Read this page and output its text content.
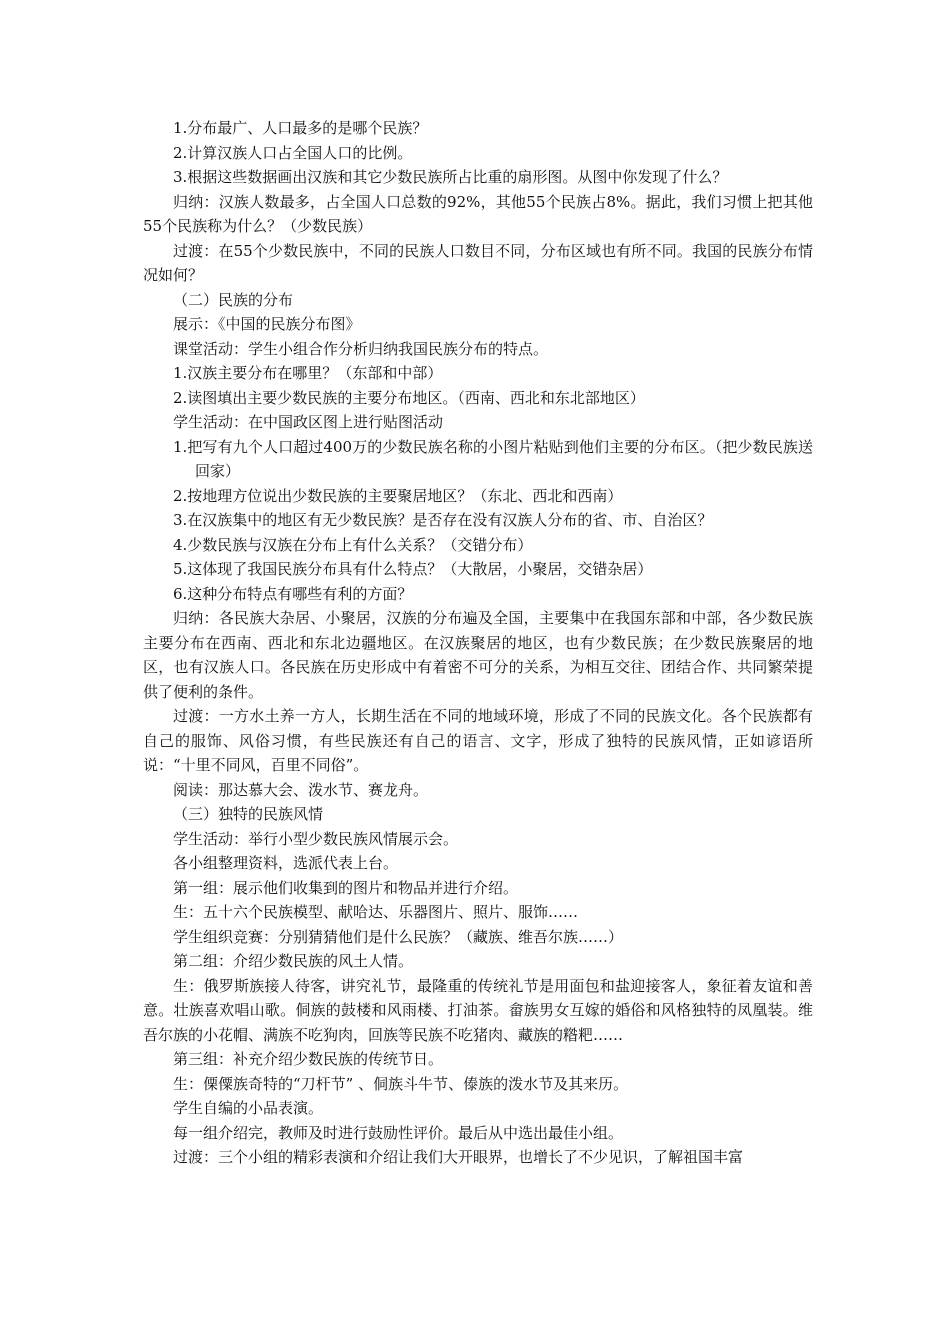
1.分布最广、人口最多的是哪个民族？

2.计算汉族人口占全国人口的比例。

3.根据这些数据画出汉族和其它少数民族所占比重的扇形图。从图中你发现了什么？

归纳：汉族人数最多，占全国人口总数的92%，其他55个民族占8%。据此，我们习惯上把其他55个民族称为什么？（少数民族）

过渡：在55个少数民族中，不同的民族人口数目不同，分布区域也有所不同。我国的民族分布情况如何？

（二）民族的分布

展示：《中国的民族分布图》

课堂活动：学生小组合作分析归纳我国民族分布的特点。

1.汉族主要分布在哪里？（东部和中部）

2.读图填出主要少数民族的主要分布地区。（西南、西北和东北部地区）

学生活动：在中国政区图上进行贴图活动

1.把写有九个人口超过400万的少数民族名称的小图片粘贴到他们主要的分布区。（把少数民族送回家）

2.按地理方位说出少数民族的主要聚居地区？（东北、西北和西南）

3.在汉族集中的地区有无少数民族？是否存在没有汉族人分布的省、市、自治区？

4.少数民族与汉族在分布上有什么关系？（交错分布）

5.这体现了我国民族分布具有什么特点？（大散居，小聚居，交错杂居）

6.这种分布特点有哪些有利的方面？

归纳：各民族大杂居、小聚居，汉族的分布遍及全国，主要集中在我国东部和中部，各少数民族主要分布在西南、西北和东北边疆地区。在汉族聚居的地区，也有少数民族；在少数民族聚居的地区，也有汉族人口。各民族在历史形成中有着密不可分的关系，为相互交往、团结合作、共同繁荣提供了便利的条件。

过渡：一方水土养一方人，长期生活在不同的地域环境，形成了不同的民族文化。各个民族都有自己的服饰、风俗习惯，有些民族还有自己的语言、文字，形成了独特的民族风情，正如谚语所说：“十里不同风，百里不同俗”。

阅读：那达慕大会、泼水节、赛龙舟。

（三）独特的民族风情

学生活动：举行小型少数民族风情展示会。

各小组整理资料，选派代表上台。

第一组：展示他们收集到的图片和物品并进行介绍。

生：五十六个民族模型、献哈达、乐器图片、照片、服饰……

学生组织竞赛：分别猜猜他们是什么民族？（藏族、维吾尔族……）

第二组：介绍少数民族的风土人情。

生：俄罗斯族接人待客，讲究礼节，最隆重的传统礼节是用面包和盐迎接客人，象征着友谊和善意。壮族喜欢唱山歌。侗族的鼓楼和风雨楼、打油茶。畲族男女互嫁的婚俗和风格独特的凤凰装。维吾尔族的小花帽、满族不吃狗肉，回族等民族不吃猪肉、藏族的糌粑……

第三组：补充介绍少数民族的传统节日。

生：傈僳族奇特的“刀杆节” 、侗族斗牛节、傣族的泼水节及其来历。

学生自编的小品表演。

每一组介绍完，教师及时进行鼓励性评价。最后从中选出最佳小组。

过渡：三个小组的精彩表演和介绍让我们大开眼界，也增长了不少见识，了解祖国丰富
